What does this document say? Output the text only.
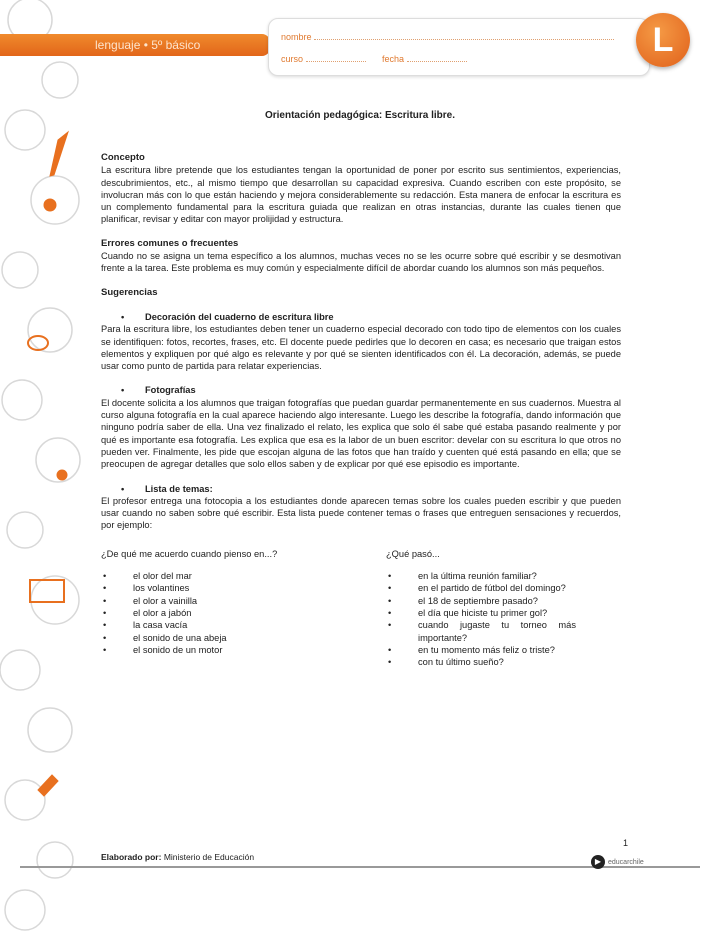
lenguaje • 5º básico
nombre
curso	fecha	L
Orientación pedagógica: Escritura libre.
Concepto

La escritura libre pretende que los estudiantes tengan la oportunidad de poner por escrito sus sentimientos, experiencias, descubrimientos, etc., al mismo tiempo que desarrollan su capacidad expresiva. Cuando escriben con este propósito, se involucran más con lo que están haciendo y mejora considerablemente su redacción. Esta manera de enfocar la escritura es un complemento fundamental para la escritura guiada que realizan en otras instancias, durante las cuales tienen que planificar, revisar y editar con mayor prolijidad y estructura.

Errores comunes o frecuentes

Cuando no se asigna un tema específico a los alumnos, muchas veces no se les ocurre sobre qué escribir y se desmotivan frente a la tarea. Este problema es muy común y especialmente difícil de abordar cuando los alumnos son más pequeños.

Sugerencias
• Decoración del cuaderno de escritura libre

Para la escritura libre, los estudiantes deben tener un cuaderno especial decorado con todo tipo de elementos con los cuales se identifiquen: fotos, recortes, frases, etc. El docente puede pedirles que lo decoren en casa; es necesario que traigan estos elementos y expliquen por qué algo es relevante y por qué se sienten identificados con él. La decoración, además, se puede usar como punto de partida para relatar experiencias.

• Fotografías

El docente solicita a los alumnos que traigan fotografías que puedan guardar permanentemente en sus cuadernos. Muestra al curso alguna fotografía en la cual aparece haciendo algo interesante. Luego les describe la fotografía, dando información que ninguno podría saber de ella. Una vez finalizado el relato, les explica que solo él sabe qué estaba pasando realmente y por qué es importante esa fotografía. Les explica que esa es la labor de un buen escritor: develar con su escritura lo que otros no pueden ver. Finalmente, les pide que escojan alguna de las fotos que han traído y cuenten qué está pasando en ella; que se preocupen de agregar detalles que solo ellos saben y de explicar por qué ese episodio es importante.

• Lista de temas:

El profesor entrega una fotocopia a los estudiantes donde aparecen temas sobre los cuales pueden escribir y que pueden usar cuando no saben sobre qué escribir. Esta lista puede contener temas o frases que entreguen sensaciones y recuerdos, por ejemplo:

¿De qué me acuerdo cuando pienso en...?
• el olor del mar
• los volantines
• el olor a vainilla
• el olor a jabón
• la casa vacía
• el sonido de una abeja
• el sonido de un motor
¿Qué pasó...
• en la última reunión familiar?
• en el partido de fútbol del domingo?
• el 18 de septiembre pasado?
• el día que hiciste tu primer gol?
• cuando jugaste tu torneo más importante?
• en tu momento más feliz o triste?
• con tu último sueño?
1
Elaborado por: Ministerio de Educación	▶ educarchile
